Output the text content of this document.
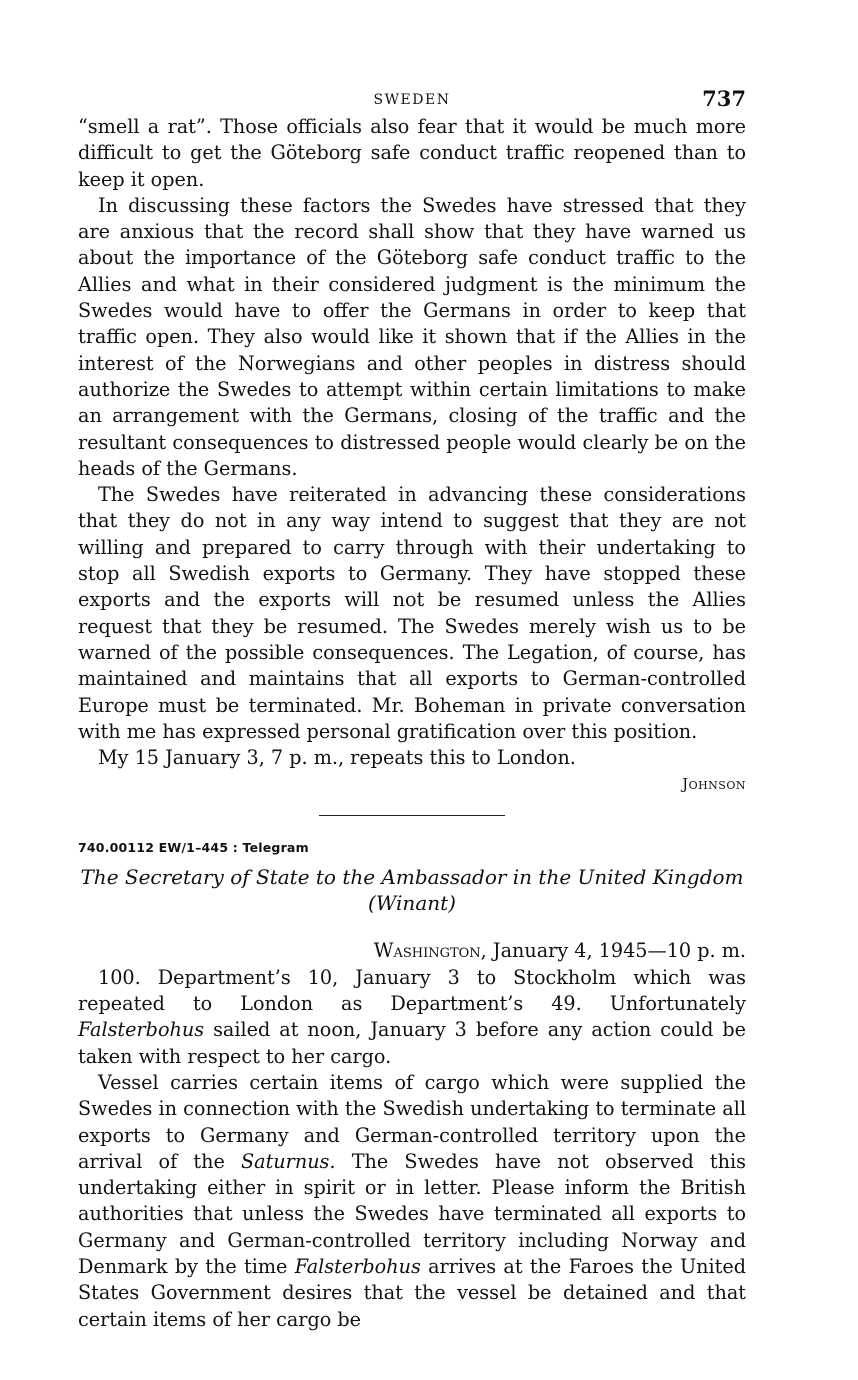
SWEDEN	737

“smell a rat”. Those officials also fear that it would be much more difficult to get the Göteborg safe conduct traffic reopened than to keep it open.

In discussing these factors the Swedes have stressed that they are anxious that the record shall show that they have warned us about the importance of the Göteborg safe conduct traffic to the Allies and what in their considered judgment is the minimum the Swedes would have to offer the Germans in order to keep that traffic open. They also would like it shown that if the Allies in the interest of the Norwegians and other peoples in distress should authorize the Swedes to attempt within certain limitations to make an arrangement with the Germans, closing of the traffic and the resultant consequences to distressed people would clearly be on the heads of the Germans.

The Swedes have reiterated in advancing these considerations that they do not in any way intend to suggest that they are not willing and prepared to carry through with their undertaking to stop all Swedish exports to Germany. They have stopped these exports and the exports will not be resumed unless the Allies request that they be resumed. The Swedes merely wish us to be warned of the possible consequences. The Legation, of course, has maintained and maintains that all exports to German-controlled Europe must be terminated. Mr. Boheman in private conversation with me has expressed personal gratification over this position.

My 15 January 3, 7 p. m., repeats this to London.

Johnson

740.00112 EW/1–445 : Telegram

The Secretary of State to the Ambassador in the United Kingdom
(Winant)

Washington, January 4, 1945—10 p. m.

100. Department’s 10, January 3 to Stockholm which was repeated to London as Department’s 49. Unfortunately Falsterbohus sailed at noon, January 3 before any action could be taken with respect to her cargo.

Vessel carries certain items of cargo which were supplied the Swedes in connection with the Swedish undertaking to terminate all exports to Germany and German-controlled territory upon the arrival of the Saturnus. The Swedes have not observed this undertaking either in spirit or in letter. Please inform the British authorities that unless the Swedes have terminated all exports to Germany and German-controlled territory including Norway and Denmark by the time Falsterbohus arrives at the Faroes the United States Government desires that the vessel be detained and that certain items of her cargo be
